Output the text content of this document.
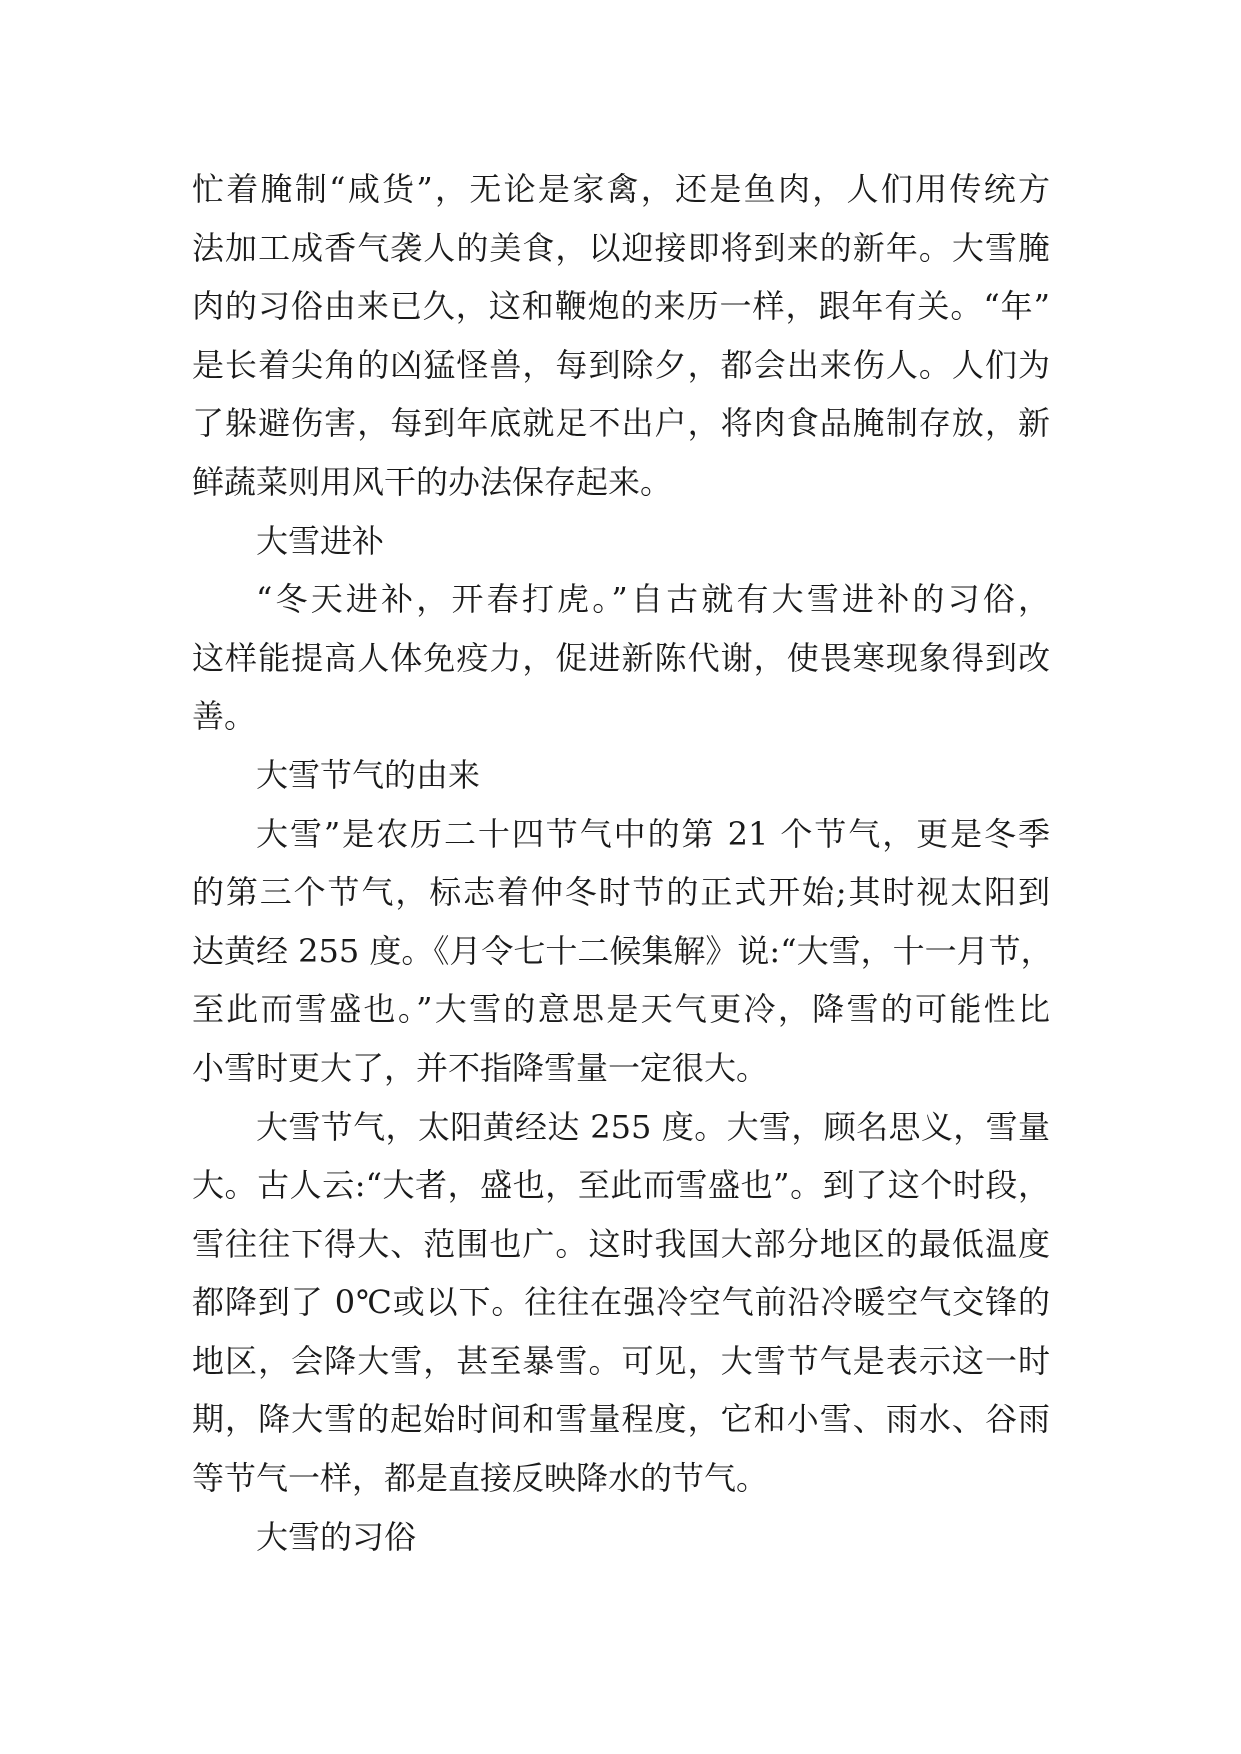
忙着腌制“咸货”，无论是家禽，还是鱼肉，人们用传统方
法加工成香气袭人的美食，以迎接即将到来的新年。大雪腌
肉的习俗由来已久，这和鞭炮的来历一样，跟年有关。“年”
是长着尖角的凶猛怪兽，每到除夕，都会出来伤人。人们为
了躲避伤害，每到年底就足不出户，将肉食品腌制存放，新
鲜蔬菜则用风干的办法保存起来。
大雪进补
“冬天进补，开春打虎。”自古就有大雪进补的习俗，
这样能提高人体免疫力，促进新陈代谢，使畏寒现象得到改
善。
大雪节气的由来
大雪”是农历二十四节气中的第 21 个节气，更是冬季
的第三个节气，标志着仲冬时节的正式开始;其时视太阳到
达黄经 255 度。《月令七十二候集解》说:“大雪，十一月节，
至此而雪盛也。”大雪的意思是天气更冷，降雪的可能性比
小雪时更大了，并不指降雪量一定很大。
大雪节气，太阳黄经达 255 度。大雪，顾名思义，雪量
大。古人云:“大者，盛也，至此而雪盛也”。到了这个时段，
雪往往下得大、范围也广。这时我国大部分地区的最低温度
都降到了 0℃或以下。往往在强冷空气前沿冷暖空气交锋的
地区，会降大雪，甚至暴雪。可见，大雪节气是表示这一时
期，降大雪的起始时间和雪量程度，它和小雪、雨水、谷雨
等节气一样，都是直接反映降水的节气。
大雪的习俗
